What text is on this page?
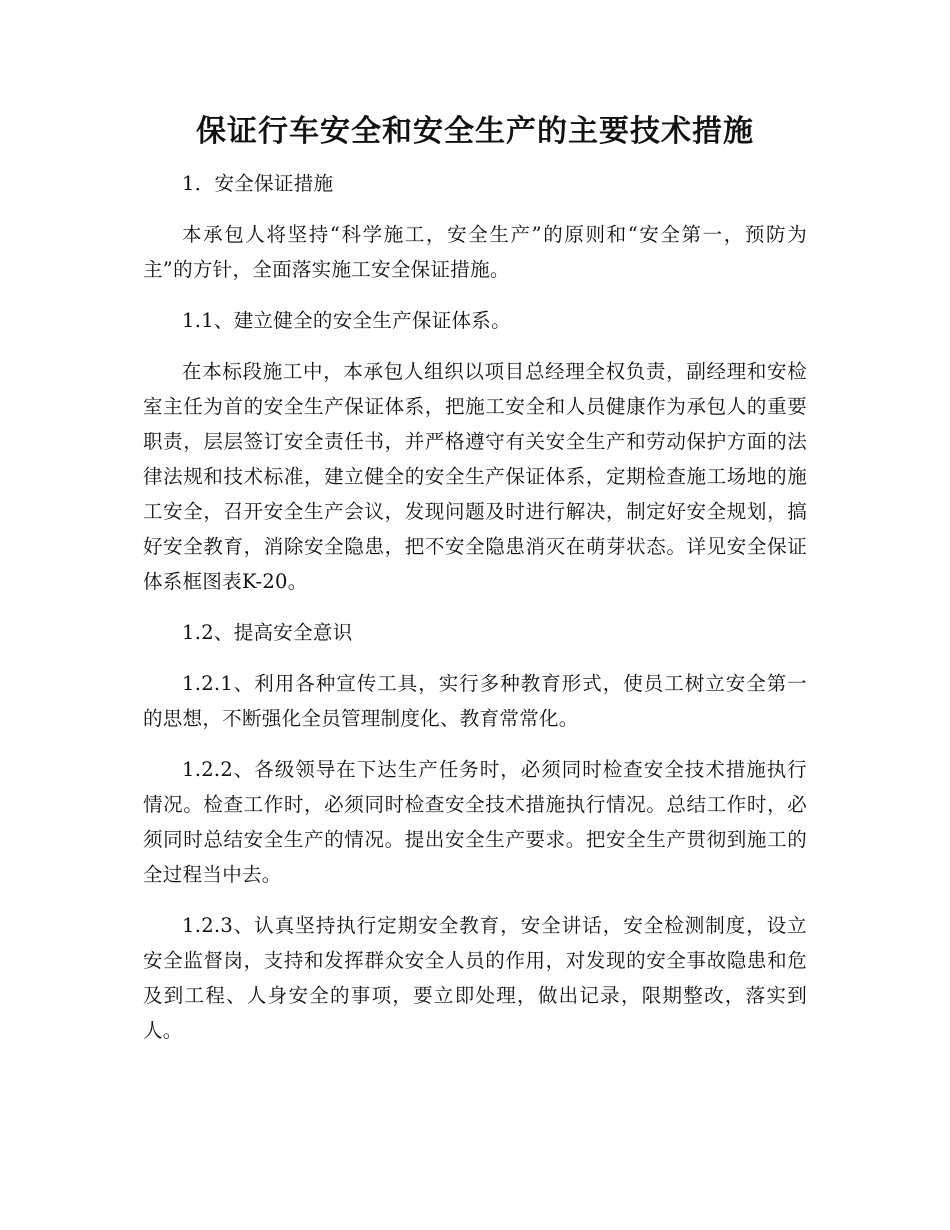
保证行车安全和安全生产的主要技术措施

1．安全保证措施

本承包人将坚持“科学施工，安全生产”的原则和“安全第一，预防为主”的方针，全面落实施工安全保证措施。

1.1、建立健全的安全生产保证体系。

在本标段施工中，本承包人组织以项目总经理全权负责，副经理和安检室主任为首的安全生产保证体系，把施工安全和人员健康作为承包人的重要职责，层层签订安全责任书，并严格遵守有关安全生产和劳动保护方面的法律法规和技术标准，建立健全的安全生产保证体系，定期检查施工场地的施工安全，召开安全生产会议，发现问题及时进行解决，制定好安全规划，搞好安全教育，消除安全隐患，把不安全隐患消灭在萌芽状态。详见安全保证体系框图表K-20。

1.2、提高安全意识

1.2.1、利用各种宣传工具，实行多种教育形式，使员工树立安全第一的思想，不断强化全员管理制度化、教育常常化。

1.2.2、各级领导在下达生产任务时，必须同时检查安全技术措施执行情况。检查工作时，必须同时检查安全技术措施执行情况。总结工作时，必须同时总结安全生产的情况。提出安全生产要求。把安全生产贯彻到施工的全过程当中去。

1.2.3、认真坚持执行定期安全教育，安全讲话，安全检测制度，设立安全监督岗，支持和发挥群众安全人员的作用，对发现的安全事故隐患和危及到工程、人身安全的事项，要立即处理，做出记录，限期整改，落实到人。
